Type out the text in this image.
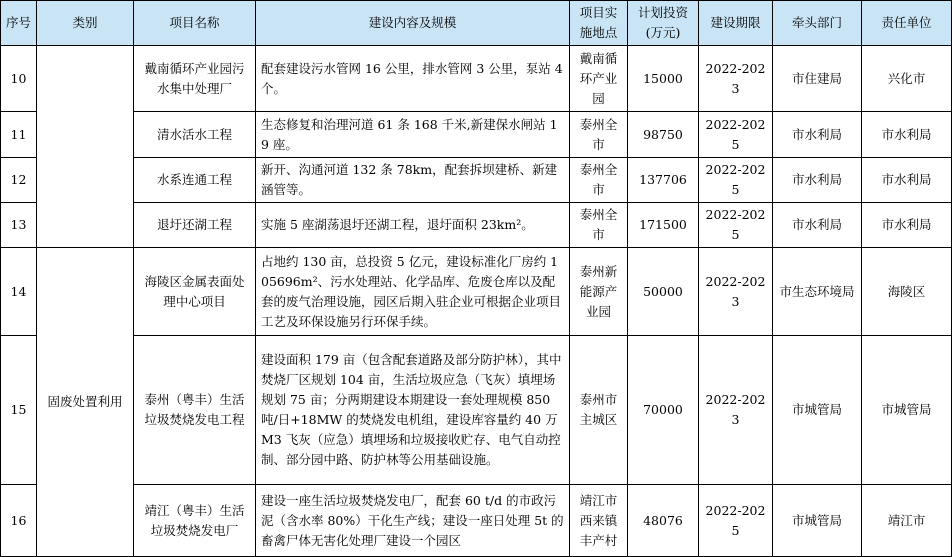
序号	类别	项目名称	建设内容及规模	项目实施地点	计划投资(万元)	建设期限	牵头部门	责任单位
10		戴南循环产业园污水集中处理厂	配套建设污水管网 16 公里，排水管网 3 公里，泵站 4 个。	戴南循环产业园	15000	2022-2023	市住建局	兴化市
11		清水活水工程	生态修复和治理河道 61 条 168 千米,新建保水闸站 19 座。	泰州全市	98750	2022-2025	市水利局	市水利局
12		水系连通工程	新开、沟通河道 132 条 78km，配套拆坝建桥、新建涵管等。	泰州全市	137706	2022-2025	市水利局	市水利局
13		退圩还湖工程	实施 5 座湖荡退圩还湖工程，退圩面积 23km²。	泰州全市	171500	2022-2025	市水利局	市水利局
14	固废处置利用	海陵区金属表面处理中心项目	占地约 130 亩，总投资 5 亿元，建设标准化厂房约 105696m²、污水处理站、化学品库、危废仓库以及配套的废气治理设施，园区后期入驻企业可根据企业项目工艺及环保设施另行环保手续。	泰州新能源产业园	50000	2022-2023	市生态环境局	海陵区
15		泰州（粤丰）生活垃圾焚烧发电工程	建设面积 179 亩（包含配套道路及部分防护林），其中焚烧厂区规划 104 亩，生活垃圾应急（飞灰）填埋场规划 75 亩；分两期建设本期建设一套处理规模 850 吨/日+18MW 的焚烧发电机组，建设库容量约 40 万 M3 飞灰（应急）填埋场和垃圾接收贮存、电气自动控制、部分园中路、防护林等公用基础设施。	泰州市主城区	70000	2022-2023	市城管局	市城管局
16		靖江（粤丰）生活垃圾焚烧发电厂	建设一座生活垃圾焚烧发电厂，配套 60 t/d 的市政污泥（含水率 80%）干化生产线；建设一座日处理 5t 的畜禽尸体无害化处理厂建设一个园区	靖江市西来镇丰产村	48076	2022-2025	市城管局	靖江市
